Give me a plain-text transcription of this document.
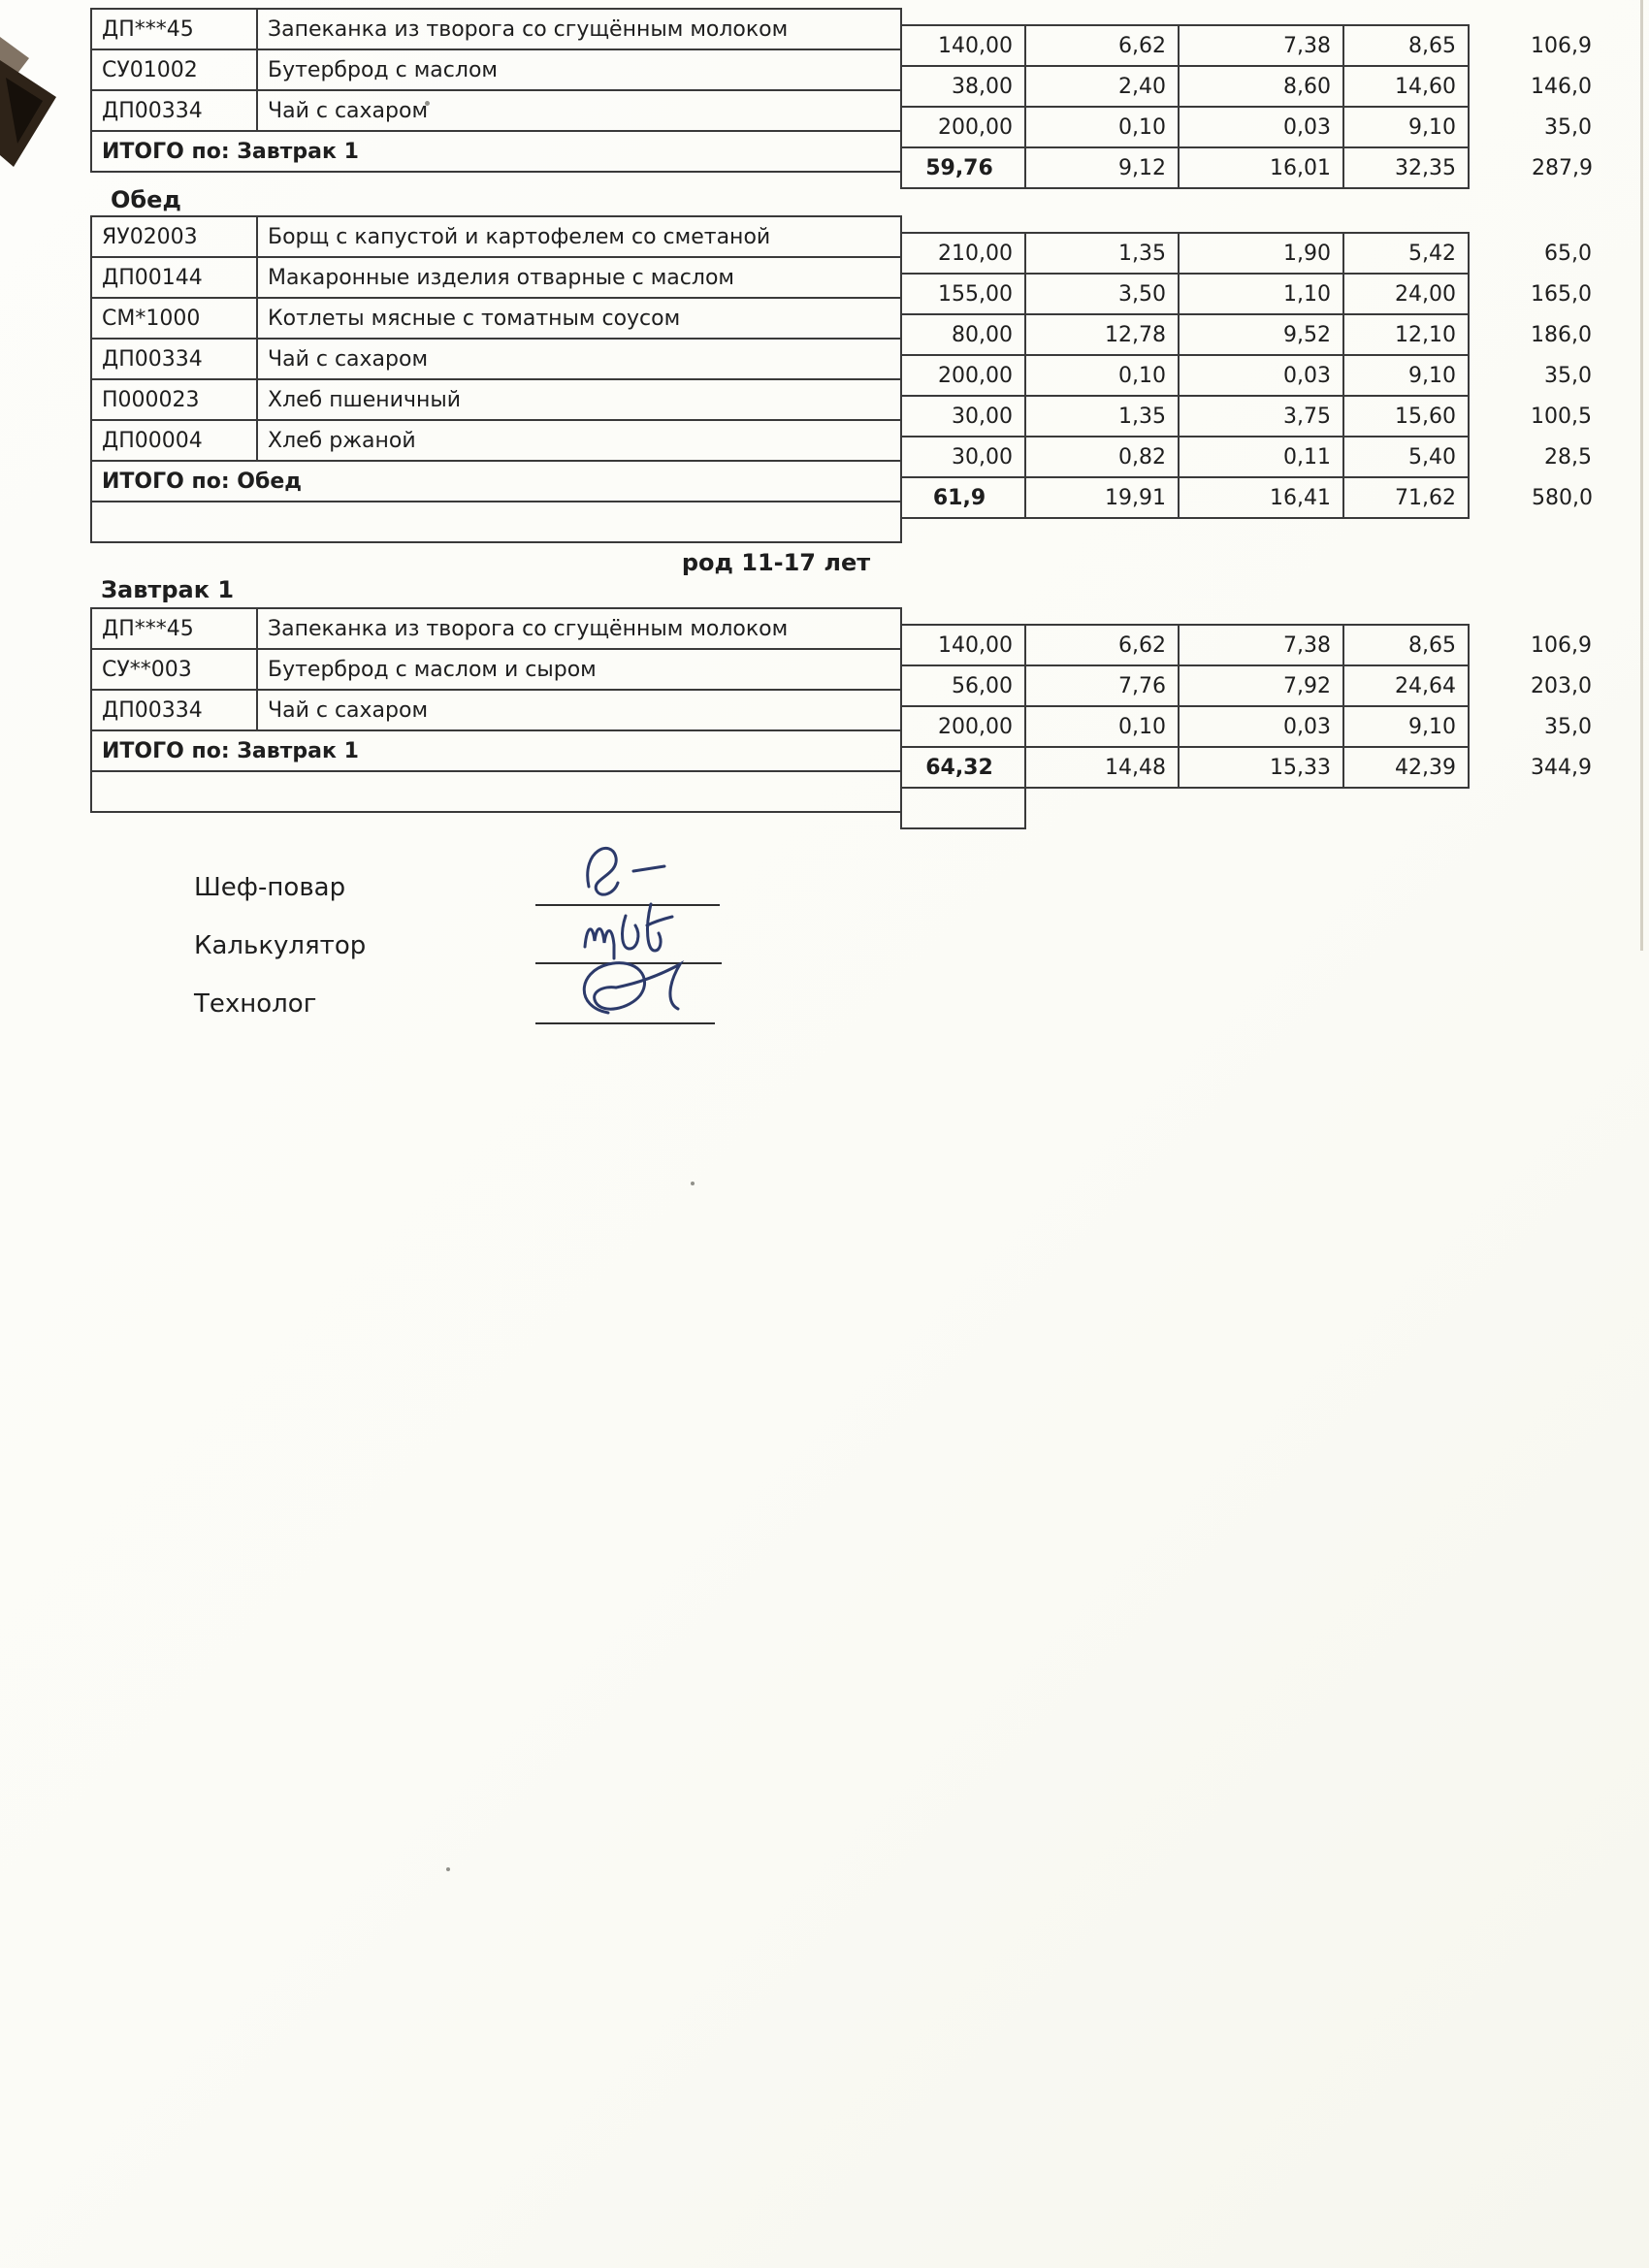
ДП***45	Запеканка из творога со сгущённым молоком
СУ01002	Бутерброд с маслом
ДП00334	Чай с сахаром
ИТОГО по: Завтрак 1	
140,00	6,62	7,38	8,65	106,9
38,00	2,40	8,60	14,60	146,0
200,00	0,10	0,03	9,10	35,0
59,76	9,12	16,01	32,35	287,9
Обед
ЯУ02003	Борщ с капустой и картофелем со сметаной
ДП00144	Макаронные изделия отварные с маслом
СМ*1000	Котлеты мясные с томатным соусом
ДП00334	Чай с сахаром
П000023	Хлеб пшеничный
ДП00004	Хлеб ржаной
ИТОГО по: Обед	

210,00	1,35	1,90	5,42	65,0
155,00	3,50	1,10	24,00	165,0
80,00	12,78	9,52	12,10	186,0
200,00	0,10	0,03	9,10	35,0
30,00	1,35	3,75	15,60	100,5
30,00	0,82	0,11	5,40	28,5
61,9	19,91	16,41	71,62	580,0
род 11-17 лет
Завтрак 1
ДП***45	Запеканка из творога со сгущённым молоком
СУ**003	Бутерброд с маслом и сыром
ДП00334	Чай с сахаром
ИТОГО по: Завтрак 1	

140,00	6,62	7,38	8,65	106,9
56,00	7,76	7,92	24,64	203,0
200,00	0,10	0,03	9,10	35,0
64,32	14,48	15,33	42,39	344,9

Шеф-повар
Калькулятор
Технолог
